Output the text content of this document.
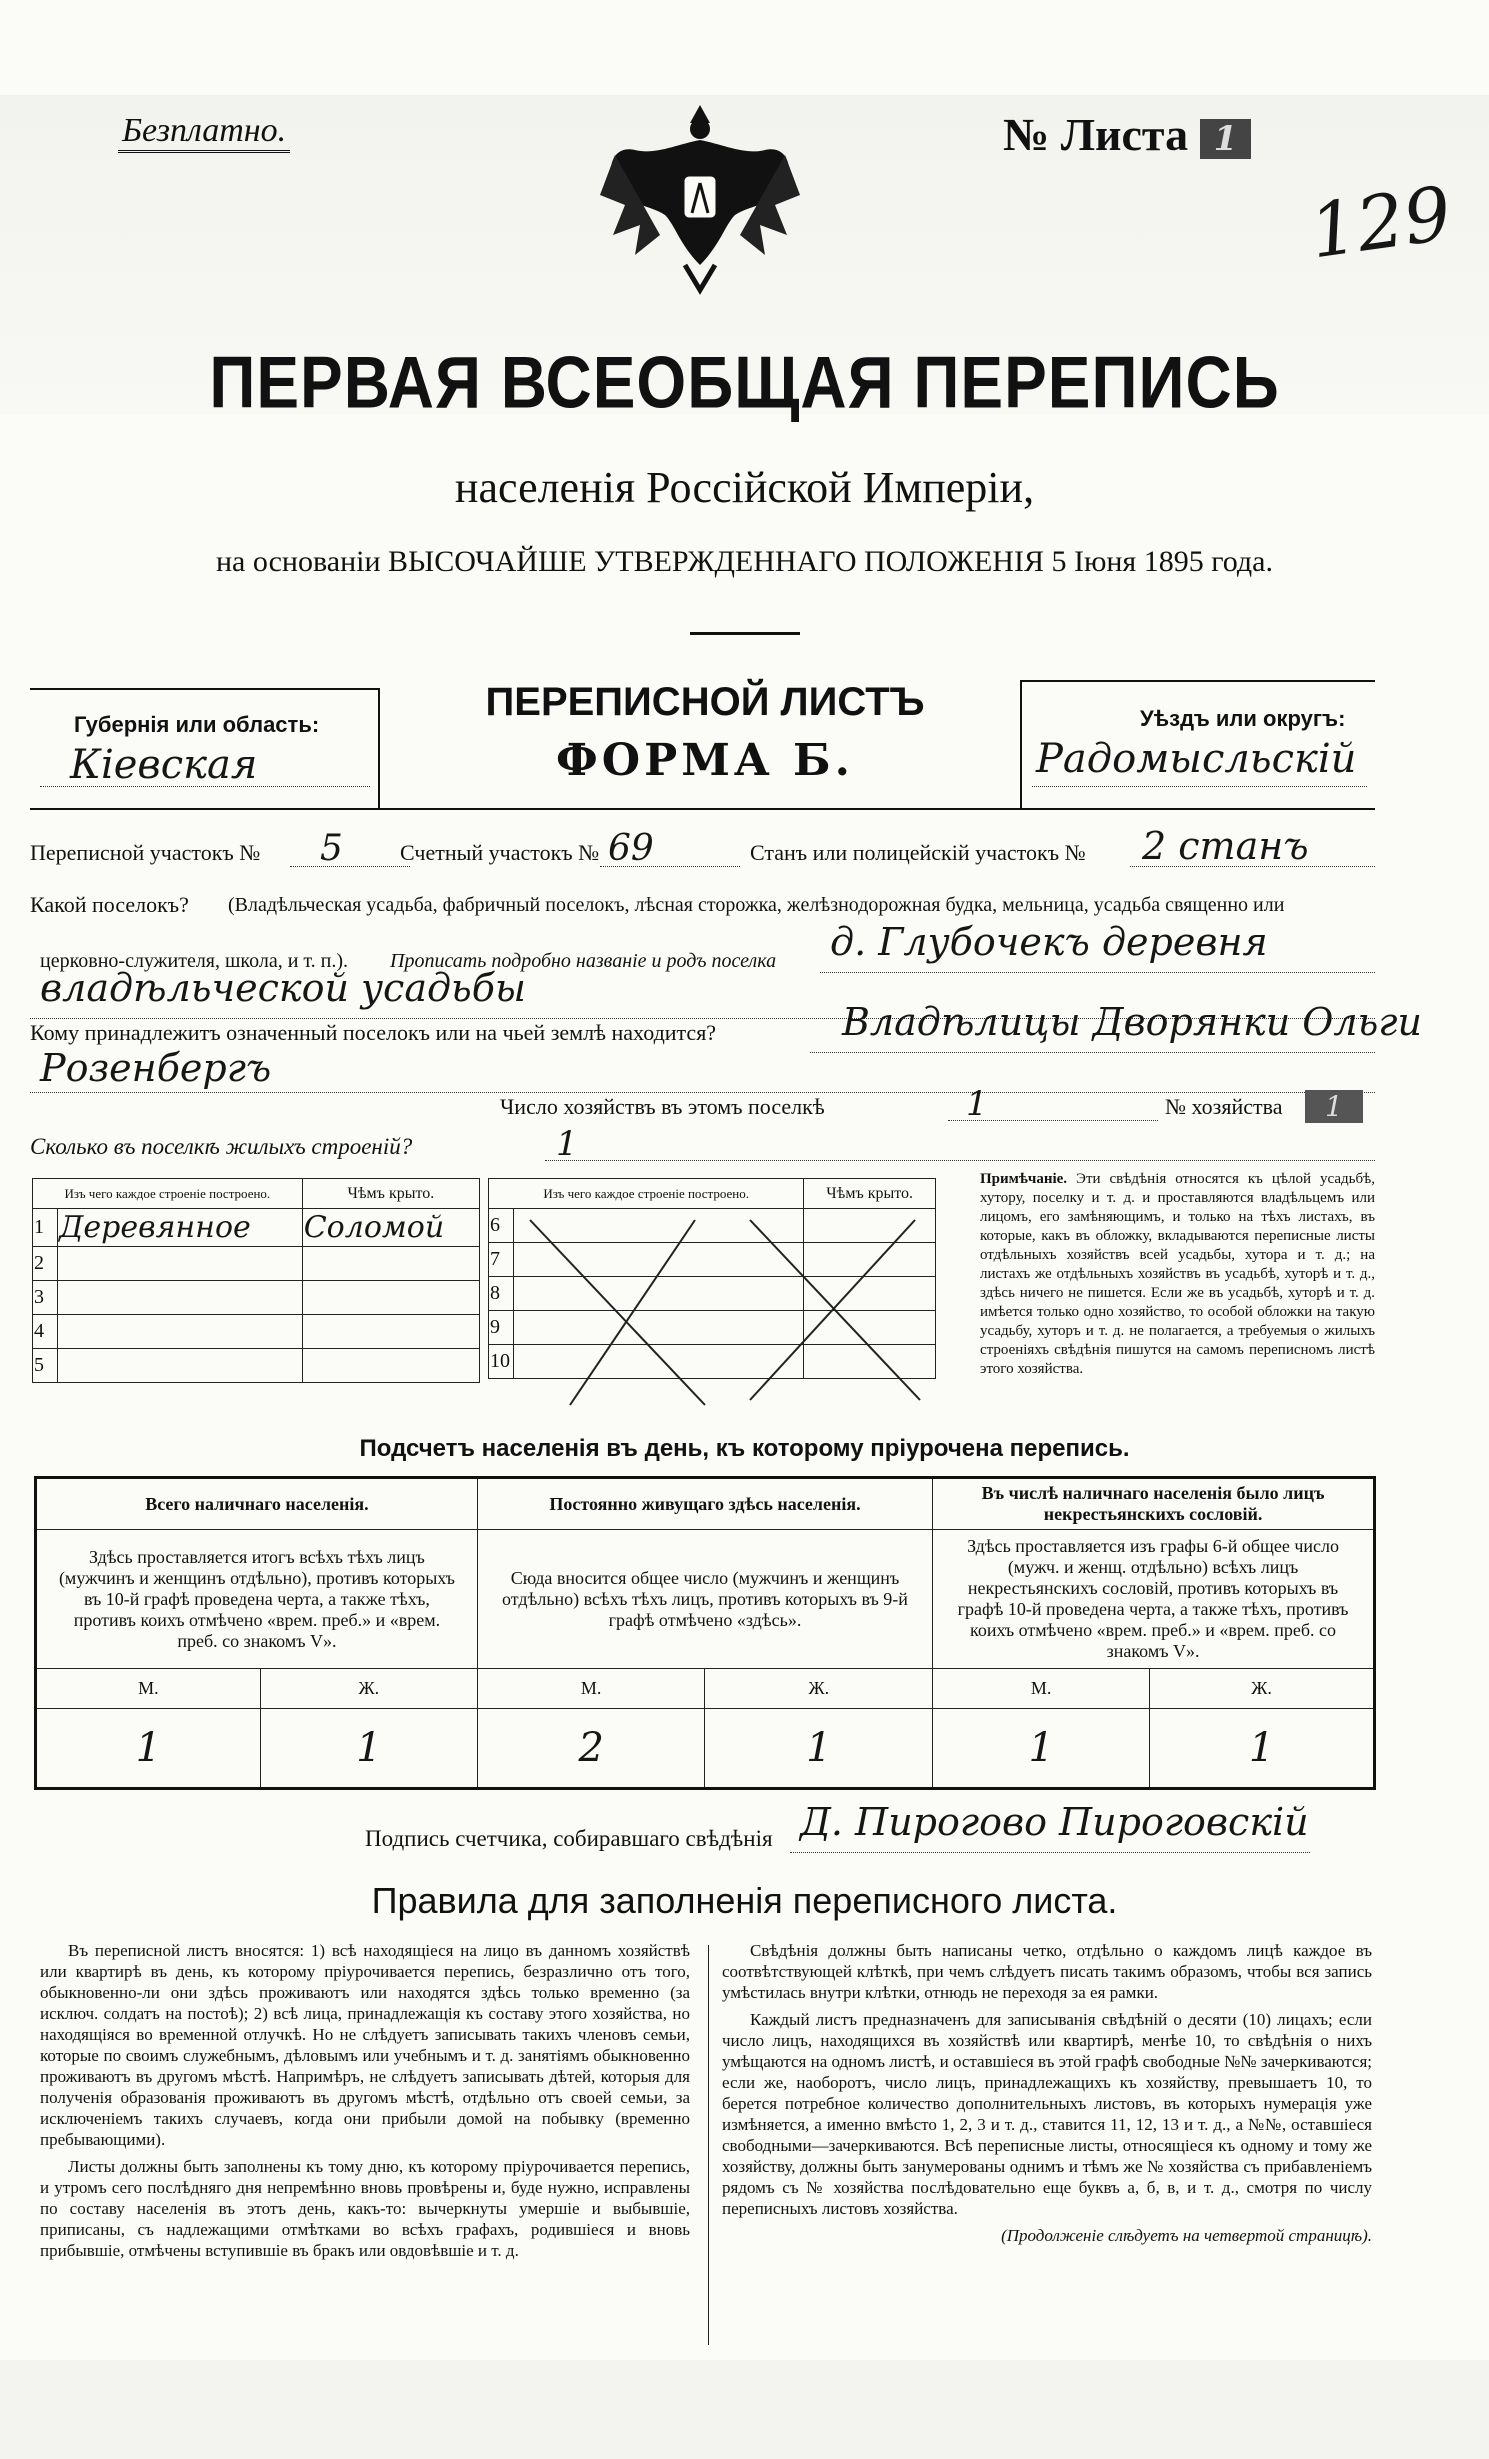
Безплатно.	№ Листа 1
129
ПЕРВАЯ ВСЕОБЩАЯ ПЕРЕПИСЬ
населенія Россійской Имперіи,
на основаніи ВЫСОЧАЙШЕ УТВЕРЖДЕННАГО ПОЛОЖЕНІЯ 5 Іюня 1895 года.
Губернія или область:
Кіевская
ПЕРЕПИСНОЙ ЛИСТЪ
ФОРМА Б.
Уѣздъ или округъ:
Радомысльскій
Переписной участокъ № 5	Счетный участокъ № 69	Станъ или полицейскій участокъ № 2 станъ
Какой поселокъ? (Владѣльческая усадьба, фабричный поселокъ, лѣсная сторожка, желѣзнодорожная будка, мельница, усадьба священно или
церковно-служителя, школа, и т. п.). Прописать подробно названіе и родъ поселка д. Глубочекъ деревня
владѣльческой усадьбы
Кому принадлежитъ означенный поселокъ или на чьей землѣ находится?	Владѣлицы Дворянки Ольги
Розенбергъ
Число хозяйствъ въ этомъ поселкѣ	1	№ хозяйства	1
Сколько въ поселкѣ жилыхъ строеній?	1
Изъ чего каждое строеніе построено.		Чѣмъ крыто.
1	Деревянное	Соломой
2		
3		
4		
5		
Изъ чего каждое строеніе построено.		Чѣмъ крыто.
6		
7		
8		
9		
10		
Примѣчаніе. Эти свѣдѣнія относятся къ цѣлой усадьбѣ, хутору, поселку и т. д. и проставляются владѣльцемъ или лицомъ, его замѣняющимъ, и только на тѣхъ листахъ, въ которые, какъ въ обложку, вкладываются переписные листы отдѣльныхъ хозяйствъ всей усадьбы, хутора и т. д.; на листахъ же отдѣльныхъ хозяйствъ въ усадьбѣ, хуторѣ и т. д., здѣсь ничего не пишется. Если же въ усадьбѣ, хуторѣ и т. д. имѣется только одно хозяйство, то особой обложки на такую усадьбу, хуторъ и т. д. не полагается, а требуемыя о жилыхъ строеніяхъ свѣдѣнія пишутся на самомъ переписномъ листѣ этого хозяйства.
Подсчетъ населенія въ день, къ которому пріурочена перепись.
Всего наличнаго населенія.		Постоянно живущаго здѣсь населенія.		Въ числѣ наличнаго населенія было лицъ некрестьянскихъ сословій.	
Здѣсь проставляется итогъ всѣхъ тѣхъ лицъ (мужчинъ и женщинъ отдѣльно), противъ которыхъ въ 10-й графѣ проведена черта, а также тѣхъ, противъ коихъ отмѣчено «врем. преб.» и «врем. преб. со знакомъ V».		Сюда вносится общее число (мужчинъ и женщинъ отдѣльно) всѣхъ тѣхъ лицъ, противъ которыхъ въ 9-й графѣ отмѣчено «здѣсь».		Здѣсь проставляется изъ графы 6-й общее число (мужч. и женщ. отдѣльно) всѣхъ лицъ некрестьянскихъ сословій, противъ которыхъ въ графѣ 10-й проведена черта, а также тѣхъ, противъ коихъ отмѣчено «врем. преб.» и «врем. преб. со знакомъ V».	
М.	Ж.	М.	Ж.	М.	Ж.
1	1	2	1	1	1
Подпись счетчика, собиравшаго свѣдѣнія Д. Пирогово Пироговскій
Правила для заполненія переписного листа.

Въ переписной листъ вносятся: 1) всѣ находящіеся на лицо въ данномъ хозяйствѣ или квартирѣ въ день, къ которому пріурочивается перепись, безразлично отъ того, обыкновенно-ли они здѣсь проживаютъ или находятся здѣсь только временно (за исключ. солдатъ на постоѣ); 2) всѣ лица, принадлежащія къ составу этого хозяйства, но находящіяся во временной отлучкѣ. Но не слѣдуетъ записывать такихъ членовъ семьи, которые по своимъ служебнымъ, дѣловымъ или учебнымъ и т. д. занятіямъ обыкновенно проживаютъ въ другомъ мѣстѣ. Напримѣръ, не слѣдуетъ записывать дѣтей, которыя для полученія образованія проживаютъ въ другомъ мѣстѣ, отдѣльно отъ своей семьи, за исключеніемъ такихъ случаевъ, когда они прибыли домой на побывку (временно пребывающими).

Листы должны быть заполнены къ тому дню, къ которому пріурочивается перепись, и утромъ сего послѣдняго дня непремѣнно вновь провѣрены и, буде нужно, исправлены по составу населенія въ этотъ день, какъ-то: вычеркнуты умершіе и выбывшіе, приписаны, съ надлежащими отмѣтками во всѣхъ графахъ, родившіеся и вновь прибывшіе, отмѣчены вступившіе въ бракъ или овдовѣвшіе и т. д.

Свѣдѣнія должны быть написаны четко, отдѣльно о каждомъ лицѣ каждое въ соотвѣтствующей клѣткѣ, при чемъ слѣдуетъ писать такимъ образомъ, чтобы вся запись умѣстилась внутри клѣтки, отнюдь не переходя за ея рамки.

Каждый листъ предназначенъ для записыванія свѣдѣній о десяти (10) лицахъ; если число лицъ, находящихся въ хозяйствѣ или квартирѣ, менѣе 10, то свѣдѣнія о нихъ умѣщаются на одномъ листѣ, и оставшіеся въ этой графѣ свободные №№ зачеркиваются; если же, наоборотъ, число лицъ, принадлежащихъ къ хозяйству, превышаетъ 10, то берется потребное количество дополнительныхъ листовъ, въ которыхъ нумерація уже измѣняется, а именно вмѣсто 1, 2, 3 и т. д., ставится 11, 12, 13 и т. д., а №№, оставшіеся свободными—зачеркиваются. Всѣ переписные листы, относящіеся къ одному и тому же хозяйству, должны быть занумерованы однимъ и тѣмъ же № хозяйства съ прибавленіемъ рядомъ съ № хозяйства послѣдовательно еще буквъ а, б, в, и т. д., смотря по числу переписныхъ листовъ хозяйства.

(Продолженіе слѣдуетъ на четвертой страницѣ).
